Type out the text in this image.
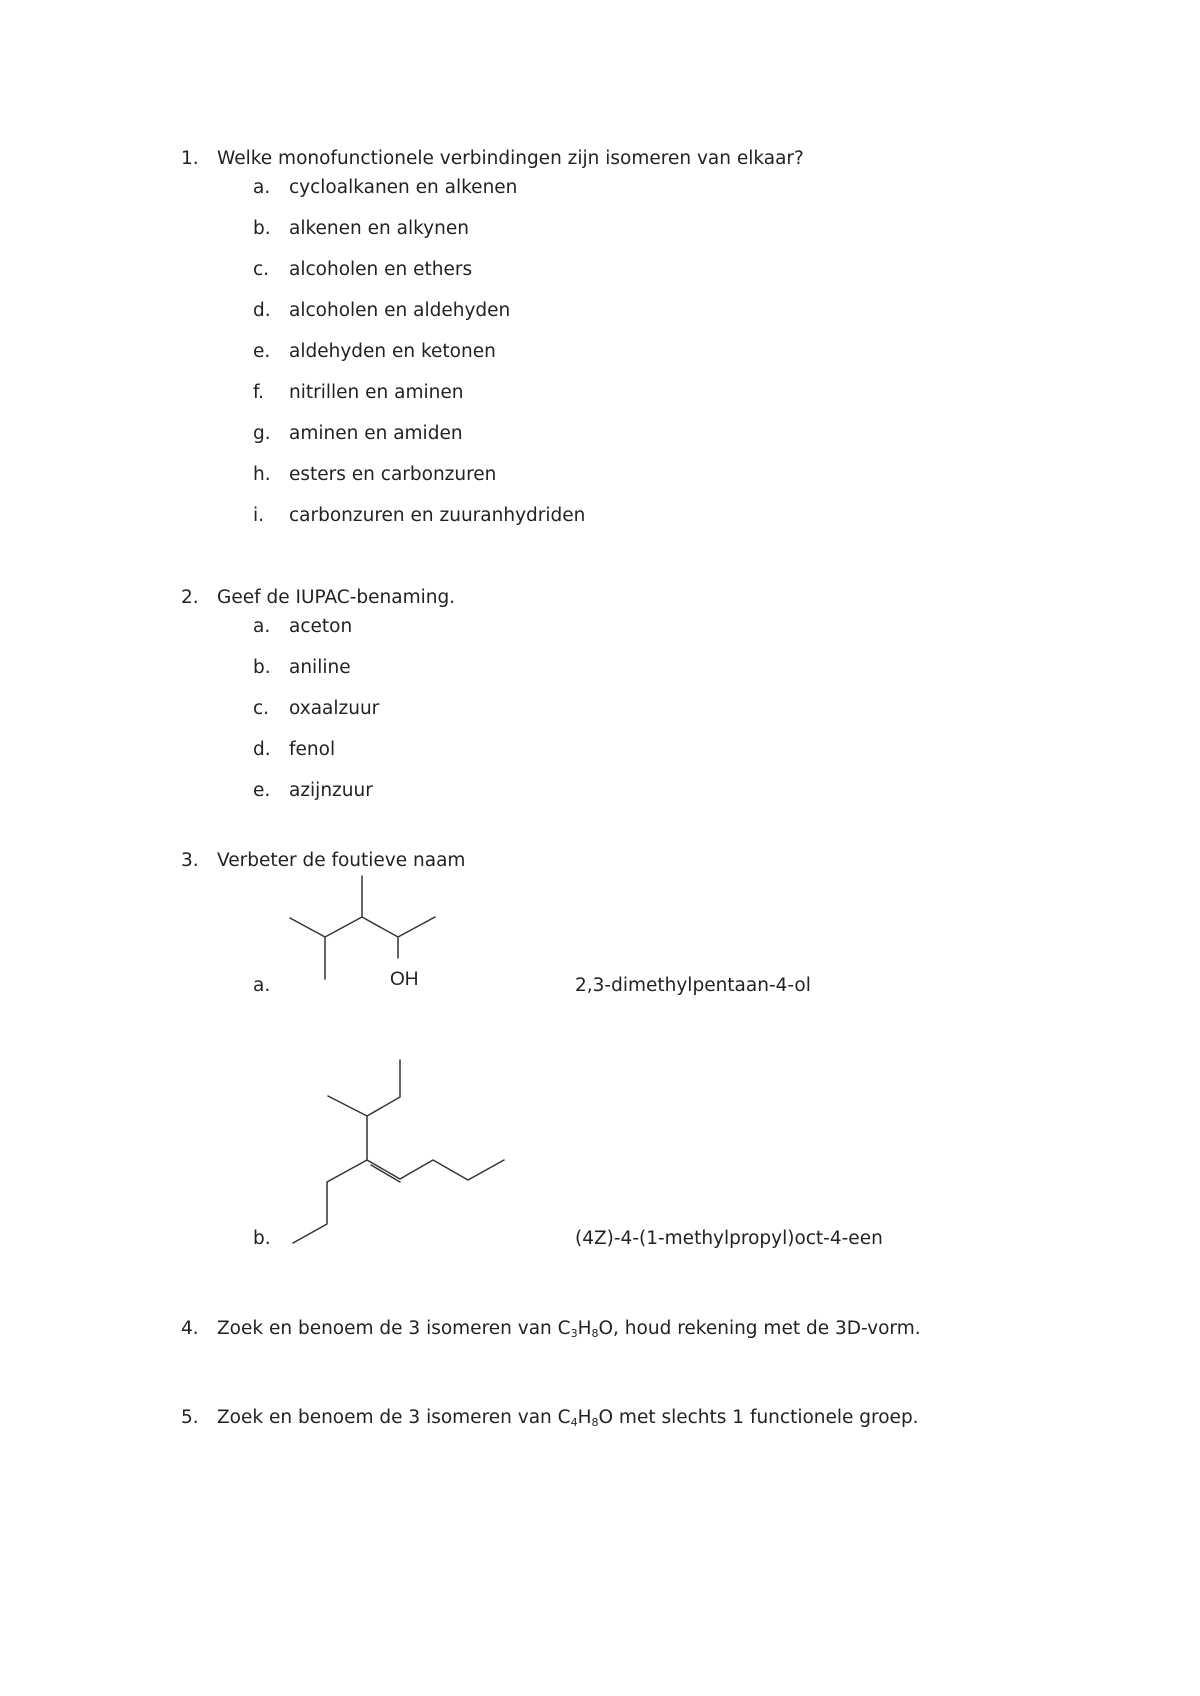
1. Welke monofunctionele verbindingen zijn isomeren van elkaar?
a. cycloalkanen en alkenen
b. alkenen en alkynen
c. alcoholen en ethers
d. alcoholen en aldehyden
e. aldehyden en ketonen
f. nitrillen en aminen
g. aminen en amiden
h. esters en carbonzuren
i. carbonzuren en zuuranhydriden
2. Geef de IUPAC-benaming.
a. aceton
b. aniline
c. oxaalzuur
d. fenol
e. azijnzuur
3. Verbeter de foutieve naam
OH
a.	2,3-dimethylpentaan-4-ol
b.	(4Z)-4-(1-methylpropyl)oct-4-een
4. Zoek en benoem de 3 isomeren van $C_3H_8O$, houd rekening met de 3D-vorm.
5. Zoek en benoem de 3 isomeren van $C_4H_8O$ met slechts 1 functionele groep.
